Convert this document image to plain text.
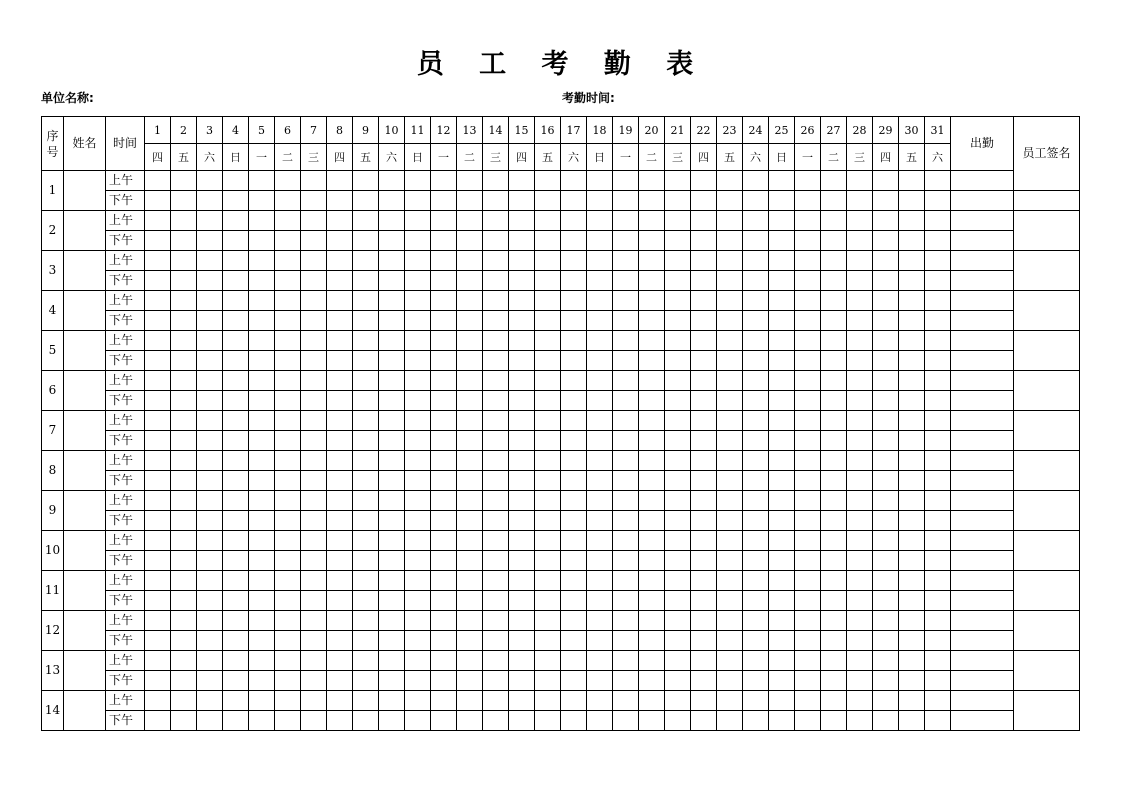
员 工 考 勤 表
单位名称:	考勤时间:
序号	姓名	时间	1	2	3	4	5	6	7	8	9	10	11	12	13	14	15	16	17	18	19	20	21	22	23	24	25	26	27	28	29	30	31	出勤	员工签名
			四	五	六	日	一	二	三	四	五	六	日	一	二	三	四	五	六	日	一	二	三	四	五	六	日	一	二	三	四	五	六		
1		上午																																	
		下午																																	
2		上午																																	
		下午																																	
3		上午																																	
		下午																																	
4		上午																																	
		下午																																	
5		上午																																	
		下午																																	
6		上午																																	
		下午																																	
7		上午																																	
		下午																																	
8		上午																																	
		下午																																	
9		上午																																	
		下午																																	
10		上午																																	
		下午																																	
11		上午																																	
		下午																																	
12		上午																																	
		下午																																	
13		上午																																	
		下午																																	
14		上午																																	
		下午																																	
